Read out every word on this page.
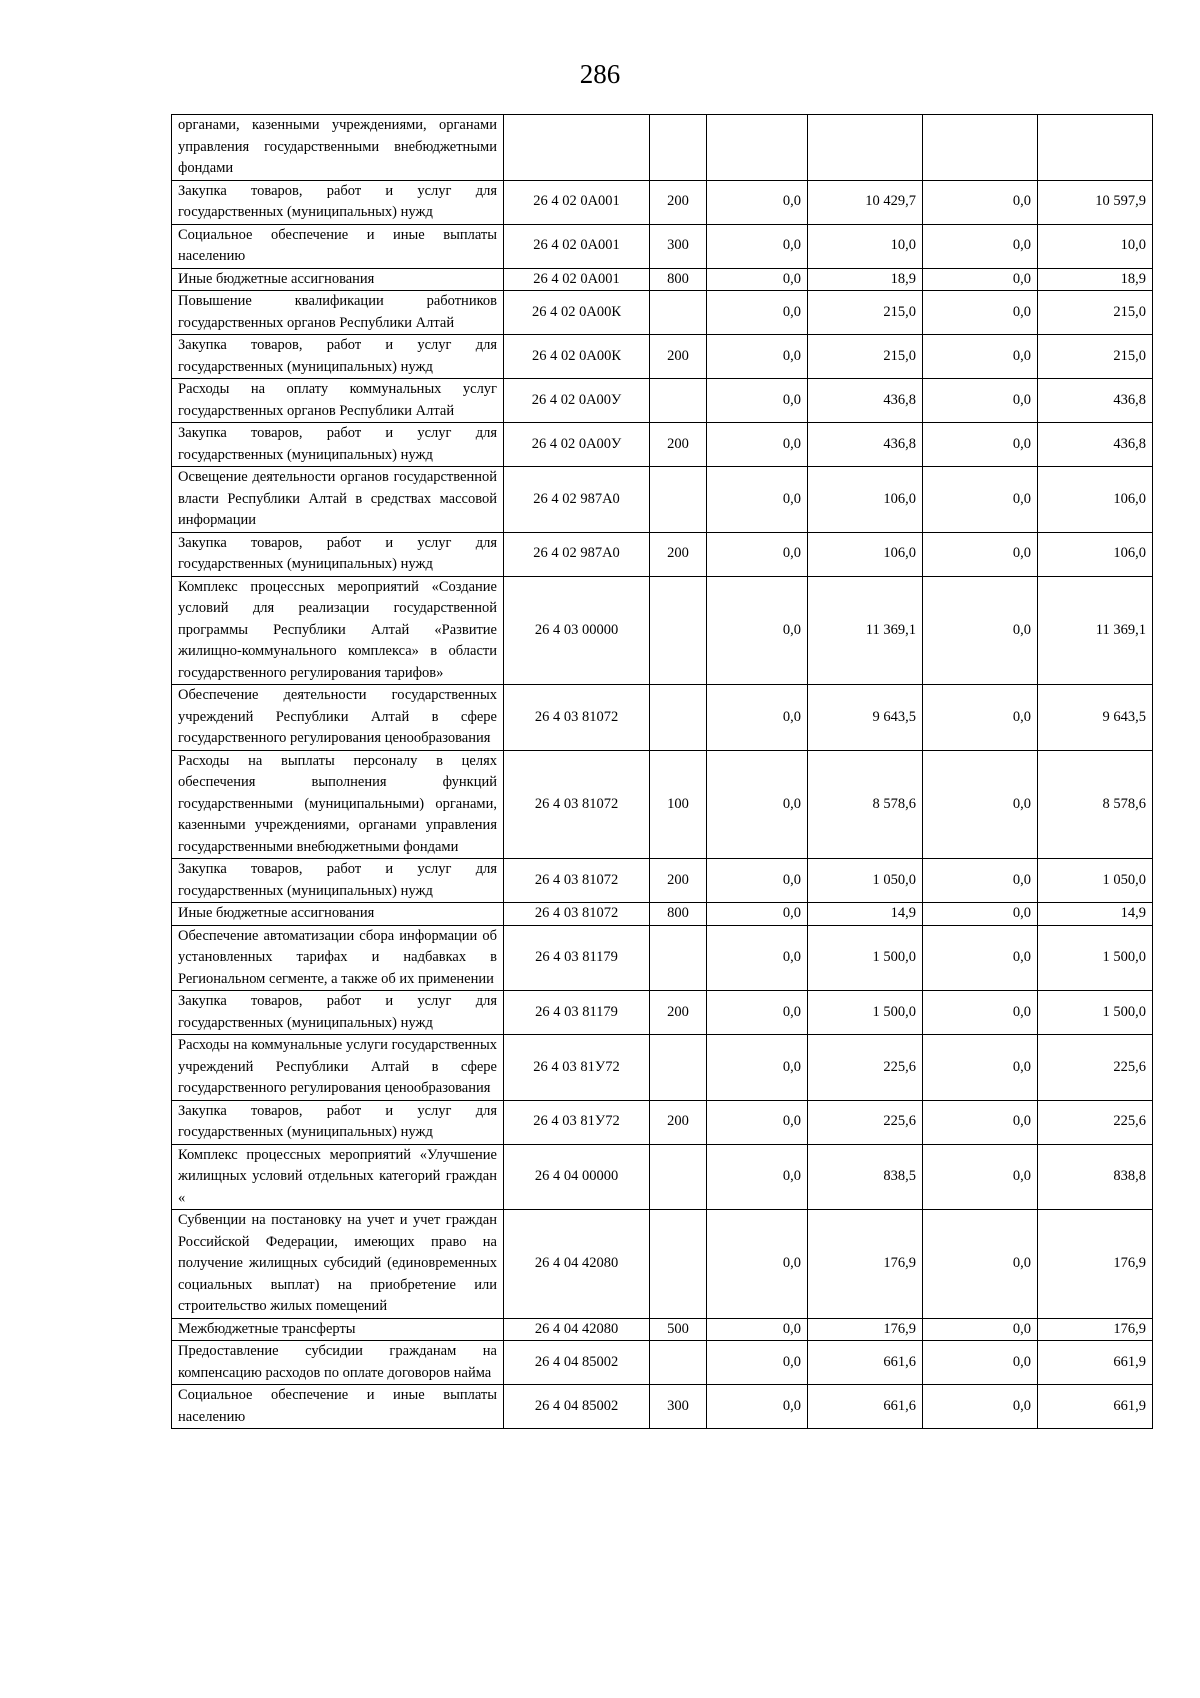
286
органами, казенными учреждениями, органами управления государственными внебюджетными фондами						
Закупка товаров, работ и услуг для государственных (муниципальных) нужд	26 4 02 0А001	200	0,0	10 429,7	0,0	10 597,9
Социальное обеспечение и иные выплаты населению	26 4 02 0А001	300	0,0	10,0	0,0	10,0
Иные бюджетные ассигнования	26 4 02 0А001	800	0,0	18,9	0,0	18,9
Повышение квалификации работников государственных органов Республики Алтай	26 4 02 0А00К		0,0	215,0	0,0	215,0
Закупка товаров, работ и услуг для государственных (муниципальных) нужд	26 4 02 0А00К	200	0,0	215,0	0,0	215,0
Расходы на оплату коммунальных услуг государственных органов Республики Алтай	26 4 02 0А00У		0,0	436,8	0,0	436,8
Закупка товаров, работ и услуг для государственных (муниципальных) нужд	26 4 02 0А00У	200	0,0	436,8	0,0	436,8
Освещение деятельности органов государственной власти Республики Алтай в средствах массовой информации	26 4 02 987А0		0,0	106,0	0,0	106,0
Закупка товаров, работ и услуг для государственных (муниципальных) нужд	26 4 02 987А0	200	0,0	106,0	0,0	106,0
Комплекс процессных мероприятий «Создание условий для реализации государственной программы Республики Алтай «Развитие жилищно-коммунального комплекса» в области государственного регулирования тарифов»	26 4 03 00000		0,0	11 369,1	0,0	11 369,1
Обеспечение деятельности государственных учреждений Республики Алтай в сфере государственного регулирования ценообразования	26 4 03 81072		0,0	9 643,5	0,0	9 643,5
Расходы на выплаты персоналу в целях обеспечения выполнения функций государственными (муниципальными) органами, казенными учреждениями, органами управления государственными внебюджетными фондами	26 4 03 81072	100	0,0	8 578,6	0,0	8 578,6
Закупка товаров, работ и услуг для государственных (муниципальных) нужд	26 4 03 81072	200	0,0	1 050,0	0,0	1 050,0
Иные бюджетные ассигнования	26 4 03 81072	800	0,0	14,9	0,0	14,9
Обеспечение автоматизации сбора информации об установленных тарифах и надбавках в Региональном сегменте, а также об их применении	26 4 03 81179		0,0	1 500,0	0,0	1 500,0
Закупка товаров, работ и услуг для государственных (муниципальных) нужд	26 4 03 81179	200	0,0	1 500,0	0,0	1 500,0
Расходы на коммунальные услуги государственных учреждений Республики Алтай в сфере государственного регулирования ценообразования	26 4 03 81У72		0,0	225,6	0,0	225,6
Закупка товаров, работ и услуг для государственных (муниципальных) нужд	26 4 03 81У72	200	0,0	225,6	0,0	225,6
Комплекс процессных мероприятий «Улучшение жилищных условий отдельных категорий граждан «	26 4 04 00000		0,0	838,5	0,0	838,8
Субвенции на постановку на учет и учет граждан Российской Федерации, имеющих право на получение жилищных субсидий (единовременных социальных выплат) на приобретение или строительство жилых помещений	26 4 04 42080		0,0	176,9	0,0	176,9
Межбюджетные трансферты	26 4 04 42080	500	0,0	176,9	0,0	176,9
Предоставление субсидии гражданам на компенсацию расходов по оплате договоров найма	26 4 04 85002		0,0	661,6	0,0	661,9
Социальное обеспечение и иные выплаты населению	26 4 04 85002	300	0,0	661,6	0,0	661,9
